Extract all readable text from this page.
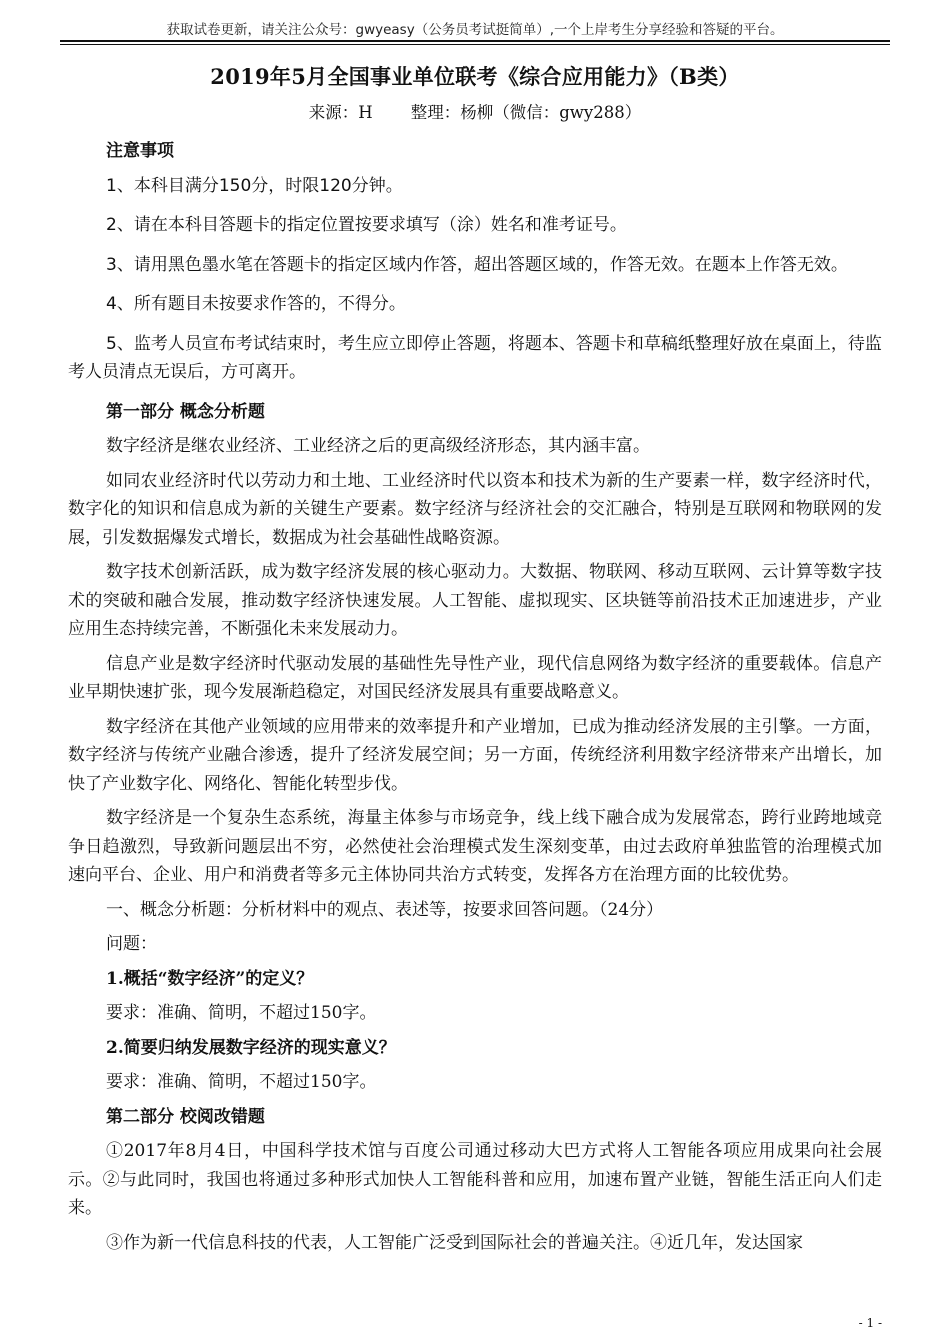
获取试卷更新，请关注公众号：gwyeasy（公务员考试挺简单）,一个上岸考生分享经验和答疑的平台。
2019年5月全国事业单位联考《综合应用能力》（B类）
来源：H 整理：杨柳（微信：gwy288）

注意事项

1、本科目满分150分，时限120分钟。

2、请在本科目答题卡的指定位置按要求填写（涂）姓名和准考证号。

3、请用黑色墨水笔在答题卡的指定区域内作答，超出答题区域的，作答无效。在题本上作答无效。

4、所有题目未按要求作答的，不得分。

5、监考人员宣布考试结束时，考生应立即停止答题，将题本、答题卡和草稿纸整理好放在桌面上，待监考人员清点无误后，方可离开。

第一部分 概念分析题

数字经济是继农业经济、工业经济之后的更高级经济形态，其内涵丰富。

如同农业经济时代以劳动力和土地、工业经济时代以资本和技术为新的生产要素一样，数字经济时代，数字化的知识和信息成为新的关键生产要素。数字经济与经济社会的交汇融合，特别是互联网和物联网的发展，引发数据爆发式增长，数据成为社会基础性战略资源。

数字技术创新活跃，成为数字经济发展的核心驱动力。大数据、物联网、移动互联网、云计算等数字技术的突破和融合发展，推动数字经济快速发展。人工智能、虚拟现实、区块链等前沿技术正加速进步，产业应用生态持续完善，不断强化未来发展动力。

信息产业是数字经济时代驱动发展的基础性先导性产业，现代信息网络为数字经济的重要载体。信息产业早期快速扩张，现今发展渐趋稳定，对国民经济发展具有重要战略意义。

数字经济在其他产业领域的应用带来的效率提升和产业增加，已成为推动经济发展的主引擎。一方面，数字经济与传统产业融合渗透，提升了经济发展空间；另一方面，传统经济利用数字经济带来产出增长，加快了产业数字化、网络化、智能化转型步伐。

数字经济是一个复杂生态系统，海量主体参与市场竞争，线上线下融合成为发展常态，跨行业跨地域竞争日趋激烈，导致新问题层出不穷，必然使社会治理模式发生深刻变革，由过去政府单独监管的治理模式加速向平台、企业、用户和消费者等多元主体协同共治方式转变，发挥各方在治理方面的比较优势。

一、概念分析题：分析材料中的观点、表述等，按要求回答问题。（24分）

问题：

1.概括“数字经济”的定义？

要求：准确、简明，不超过150字。

2.简要归纳发展数字经济的现实意义？

要求：准确、简明，不超过150字。

第二部分 校阅改错题

①2017年8月4日，中国科学技术馆与百度公司通过移动大巴方式将人工智能各项应用成果向社会展示。②与此同时，我国也将通过多种形式加快人工智能科普和应用，加速布置产业链，智能生活正向人们走来。

③作为新一代信息科技的代表，人工智能广泛受到国际社会的普遍关注。④近几年，发达国家

- 1 -
